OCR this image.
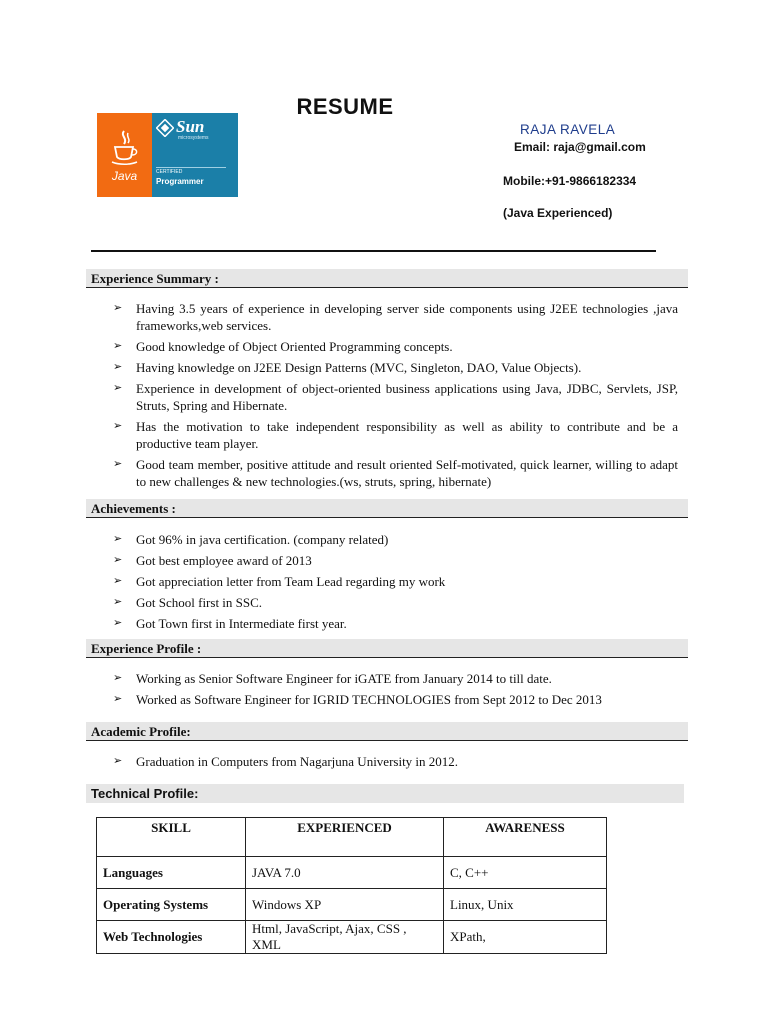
RESUME
Java
Sun
microsystems
CERTIFIED
Programmer
RAJA RAVELA
Email: raja@gmail.com
Mobile:+91-9866182334
(Java Experienced)
Experience Summary :
➢ Having 3.5 years of experience in developing server side components using J2EE technologies ,java frameworks,web services.
➢ Good knowledge of Object Oriented Programming concepts.
➢ Having knowledge on J2EE Design Patterns (MVC, Singleton, DAO, Value Objects).
➢ Experience in development of object-oriented business applications using Java, JDBC, Servlets, JSP, Struts, Spring and Hibernate.
➢ Has the motivation to take independent responsibility as well as ability to contribute and be a productive team player.
➢ Good team member, positive attitude and result oriented Self-motivated, quick learner, willing to adapt to new challenges & new technologies.(ws, struts, spring, hibernate)
Achievements :
➢ Got 96% in java certification. (company related)
➢ Got best employee award of 2013
➢ Got appreciation letter from Team Lead regarding my work
➢ Got School first in SSC.
➢ Got Town first in Intermediate first year.
Experience Profile :
➢ Working as Senior Software Engineer for iGATE from January 2014 to till date.
➢ Worked as Software Engineer for IGRID TECHNOLOGIES from Sept 2012 to Dec 2013
Academic Profile:
➢ Graduation in Computers from Nagarjuna University in 2012.
Technical Profile:
SKILL	EXPERIENCED	AWARENESS
Languages	JAVA 7.0	C, C++
Operating Systems	Windows XP	Linux, Unix
Web Technologies	Html, JavaScript, Ajax, CSS , XML	XPath,
